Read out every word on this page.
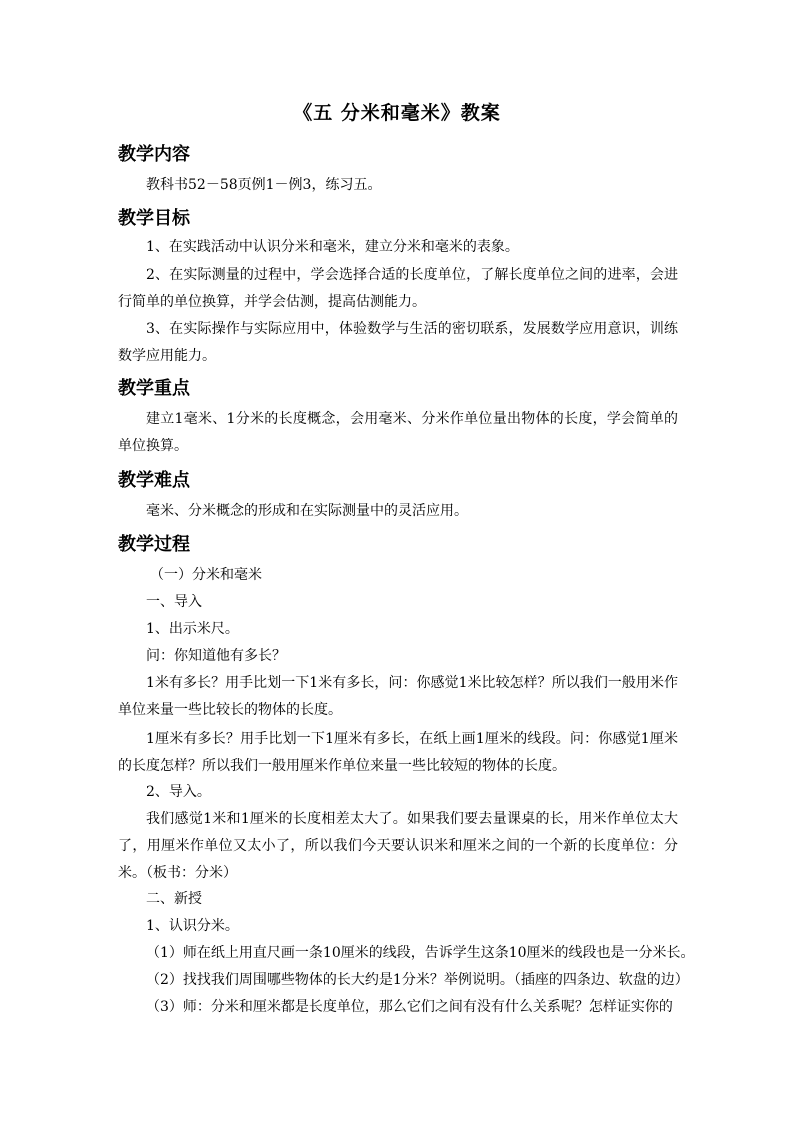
《五 分米和毫米》教案
教学内容
教科书52－58页例1－例3，练习五。
教学目标
1、在实践活动中认识分米和毫米，建立分米和毫米的表象。
2、在实际测量的过程中，学会选择合适的长度单位，了解长度单位之间的进率，会进行简单的单位换算，并学会估测，提高估测能力。
3、在实际操作与实际应用中，体验数学与生活的密切联系，发展数学应用意识，训练数学应用能力。
教学重点
建立1毫米、1分米的长度概念，会用毫米、分米作单位量出物体的长度，学会简单的单位换算。
教学难点
毫米、分米概念的形成和在实际测量中的灵活应用。
教学过程
（一）分米和毫米
一、导入
1、出示米尺。
问：你知道他有多长？
1米有多长？用手比划一下1米有多长，问：你感觉1米比较怎样？所以我们一般用米作单位来量一些比较长的物体的长度。
1厘米有多长？用手比划一下1厘米有多长，在纸上画1厘米的线段。问：你感觉1厘米的长度怎样？所以我们一般用厘米作单位来量一些比较短的物体的长度。
2、导入。
我们感觉1米和1厘米的长度相差太大了。如果我们要去量课桌的长，用米作单位太大了，用厘米作单位又太小了，所以我们今天要认识米和厘米之间的一个新的长度单位：分米。（板书：分米）
二、新授
1、认识分米。
（1）师在纸上用直尺画一条10厘米的线段，告诉学生这条10厘米的线段也是一分米长。
（2）找找我们周围哪些物体的长大约是1分米？举例说明。（插座的四条边、软盘的边）
（3）师：分米和厘米都是长度单位，那么它们之间有没有什么关系呢？怎样证实你的
